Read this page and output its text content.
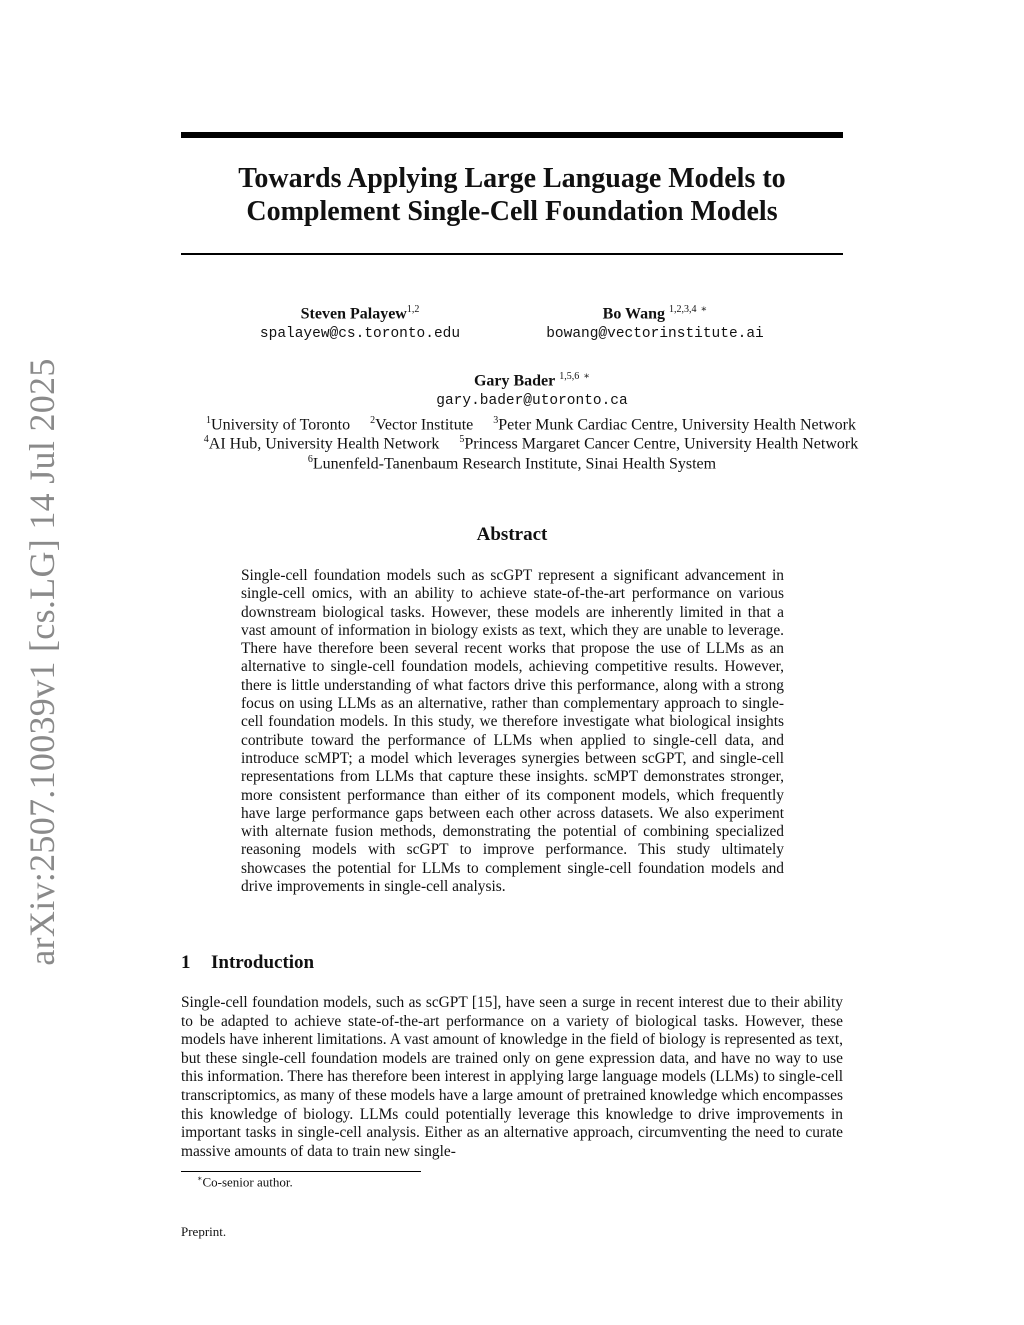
arXiv:2507.10039v1 [cs.LG] 14 Jul 2025
Towards Applying Large Language Models to
Complement Single-Cell Foundation Models
Steven Palayew$^{1,2}$
spalayew@cs.toronto.edu
Bo Wang $^{1,2,3,4}$ ∗
bowang@vectorinstitute.ai
Gary Bader $^{1,5,6}$ ∗
gary.bader@utoronto.ca
$^1$University of Toronto $^2$Vector Institute $^3$Peter Munk Cardiac Centre, University Health Network
$^4$AI Hub, University Health Network $^5$Princess Margaret Cancer Centre, University Health Network
$^6$Lunenfeld-Tanenbaum Research Institute, Sinai Health System
Abstract
Single-cell foundation models such as scGPT represent a significant advancement in single-cell omics, with an ability to achieve state-of-the-art performance on various downstream biological tasks. However, these models are inherently limited in that a vast amount of information in biology exists as text, which they are unable to leverage. There have therefore been several recent works that propose the use of LLMs as an alternative to single-cell foundation models, achieving competitive results. However, there is little understanding of what factors drive this performance, along with a strong focus on using LLMs as an alternative, rather than complementary approach to single-cell foundation models. In this study, we therefore investigate what biological insights contribute toward the performance of LLMs when applied to single-cell data, and introduce scMPT; a model which leverages synergies between scGPT, and single-cell representations from LLMs that capture these insights. scMPT demonstrates stronger, more consistent performance than either of its component models, which frequently have large performance gaps between each other across datasets. We also experiment with alternate fusion methods, demonstrating the potential of combining specialized reasoning models with scGPT to improve performance. This study ultimately showcases the potential for LLMs to complement single-cell foundation models and drive improvements in single-cell analysis.
1 Introduction
Single-cell foundation models, such as scGPT [15], have seen a surge in recent interest due to their ability to be adapted to achieve state-of-the-art performance on a variety of biological tasks. However, these models have inherent limitations. A vast amount of knowledge in the field of biology is represented as text, but these single-cell foundation models are trained only on gene expression data, and have no way to use this information. There has therefore been interest in applying large language models (LLMs) to single-cell transcriptomics, as many of these models have a large amount of pretrained knowledge which encompasses this knowledge of biology. LLMs could potentially leverage this knowledge to drive improvements in important tasks in single-cell analysis. Either as an alternative approach, circumventing the need to curate massive amounts of data to train new single-
∗Co-senior author.
Preprint.
